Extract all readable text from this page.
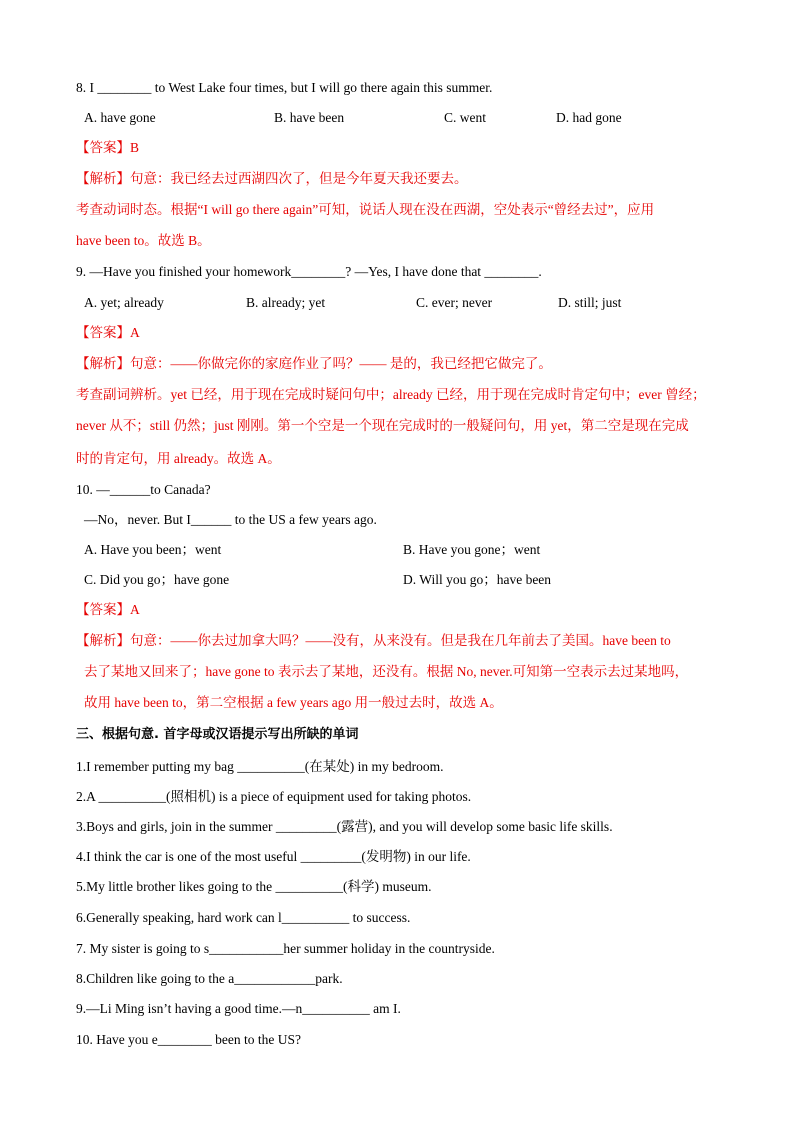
8. I ________ to West Lake four times, but I will go there again this summer.
A. have gone	B. have been	C. went	D. had gone
【答案】B
【解析】句意：我已经去过西湖四次了，但是今年夏天我还要去。
考查动词时态。根据“I will go there again”可知，说话人现在没在西湖，空处表示“曾经去过”，应用
have been to。故选 B。
9. —Have you finished your homework________? —Yes, I have done that ________.
A. yet; already	B. already; yet	C. ever; never	D. still; just
【答案】A
【解析】句意：——你做完你的家庭作业了吗？—— 是的，我已经把它做完了。
考查副词辨析。yet 已经，用于现在完成时疑问句中；already 已经，用于现在完成时肯定句中；ever 曾经；
never 从不；still 仍然；just 刚刚。第一个空是一个现在完成时的一般疑问句，用 yet，第二空是现在完成
时的肯定句，用 already。故选 A。
10. —______to Canada?
—No，never. But I______ to the US a few years ago.
A. Have you been；went	B. Have you gone；went
C. Did you go；have gone	D. Will you go；have been
【答案】A
【解析】句意：——你去过加拿大吗？——没有，从来没有。但是我在几年前去了美国。have been to
去了某地又回来了；have gone to 表示去了某地，还没有。根据 No, never.可知第一空表示去过某地吗，
故用 have been to，第二空根据 a few years ago 用一般过去时，故选 A。
三、根据句意. 首字母或汉语提示写出所缺的单词
1.I remember putting my bag __________(在某处) in my bedroom.
2.A __________(照相机) is a piece of equipment used for taking photos.
3.Boys and girls, join in the summer _________(露营), and you will develop some basic life skills.
4.I think the car is one of the most useful _________(发明物) in our life.
5.My little brother likes going to the __________(科学) museum.
6.Generally speaking, hard work can l__________ to success.
7. My sister is going to s___________her summer holiday in the countryside.
8.Children like going to the a____________park.
9.—Li Ming isn’t having a good time.—n__________ am I.
10. Have you e________ been to the US?
